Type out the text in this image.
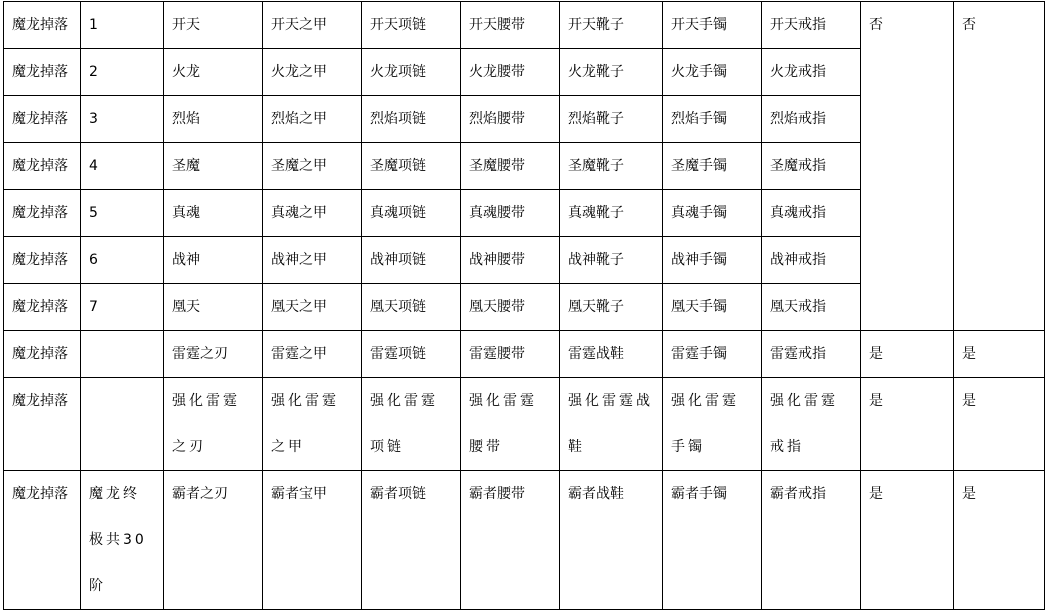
魔龙掉落	1	开天	开天之甲	开天项链	开天腰带	开天靴子	开天手镯	开天戒指	否	否
魔龙掉落	2	火龙	火龙之甲	火龙项链	火龙腰带	火龙靴子	火龙手镯	火龙戒指		
魔龙掉落	3	烈焰	烈焰之甲	烈焰项链	烈焰腰带	烈焰靴子	烈焰手镯	烈焰戒指		
魔龙掉落	4	圣魔	圣魔之甲	圣魔项链	圣魔腰带	圣魔靴子	圣魔手镯	圣魔戒指		
魔龙掉落	5	真魂	真魂之甲	真魂项链	真魂腰带	真魂靴子	真魂手镯	真魂戒指		
魔龙掉落	6	战神	战神之甲	战神项链	战神腰带	战神靴子	战神手镯	战神戒指		
魔龙掉落	7	凰天	凰天之甲	凰天项链	凰天腰带	凰天靴子	凰天手镯	凰天戒指		
魔龙掉落		雷霆之刃	雷霆之甲	雷霆项链	雷霆腰带	雷霆战鞋	雷霆手镯	雷霆戒指	是	是
魔龙掉落		强化雷霆之刃	强化雷霆之甲	强化雷霆项链	强化雷霆腰带	强化雷霆战鞋	强化雷霆手镯	强化雷霆戒指	是	是
魔龙掉落	魔龙终极共30阶	霸者之刃	霸者宝甲	霸者项链	霸者腰带	霸者战鞋	霸者手镯	霸者戒指	是	是
